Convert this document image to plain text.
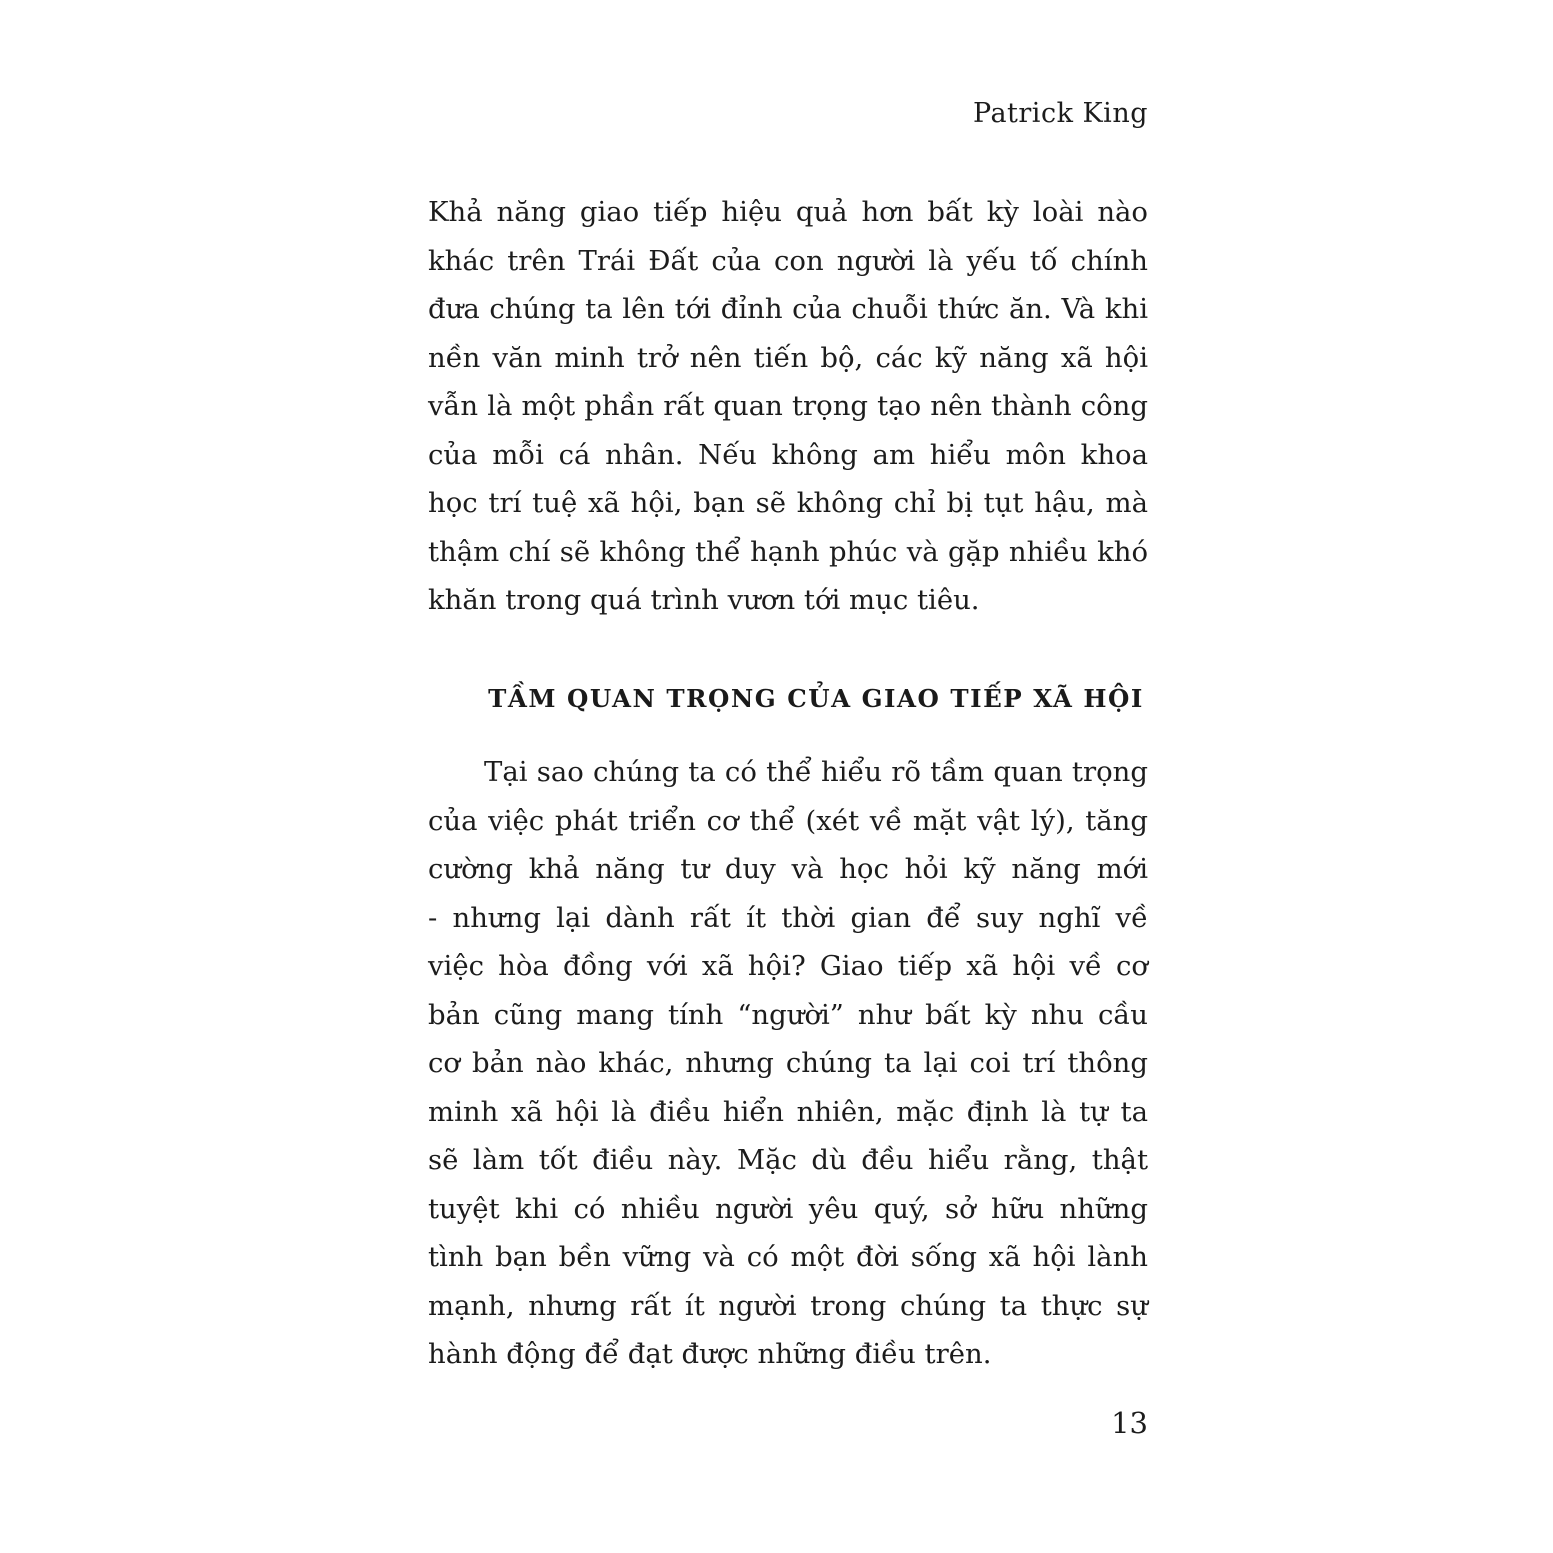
Patrick King
Khả năng giao tiếp hiệu quả hơn bất kỳ loài nào
khác trên Trái Đất của con người là yếu tố chính
đưa chúng ta lên tới đỉnh của chuỗi thức ăn. Và khi
nền văn minh trở nên tiến bộ, các kỹ năng xã hội
vẫn là một phần rất quan trọng tạo nên thành công
của mỗi cá nhân. Nếu không am hiểu môn khoa
học trí tuệ xã hội, bạn sẽ không chỉ bị tụt hậu, mà
thậm chí sẽ không thể hạnh phúc và gặp nhiều khó
khăn trong quá trình vươn tới mục tiêu.
TẦM QUAN TRỌNG CỦA GIAO TIẾP XÃ HỘI
Tại sao chúng ta có thể hiểu rõ tầm quan trọng
của việc phát triển cơ thể (xét về mặt vật lý), tăng
cường khả năng tư duy và học hỏi kỹ năng mới
- nhưng lại dành rất ít thời gian để suy nghĩ về
việc hòa đồng với xã hội? Giao tiếp xã hội về cơ
bản cũng mang tính “người” như bất kỳ nhu cầu
cơ bản nào khác, nhưng chúng ta lại coi trí thông
minh xã hội là điều hiển nhiên, mặc định là tự ta
sẽ làm tốt điều này. Mặc dù đều hiểu rằng, thật
tuyệt khi có nhiều người yêu quý, sở hữu những
tình bạn bền vững và có một đời sống xã hội lành
mạnh, nhưng rất ít người trong chúng ta thực sự
hành động để đạt được những điều trên.
13
